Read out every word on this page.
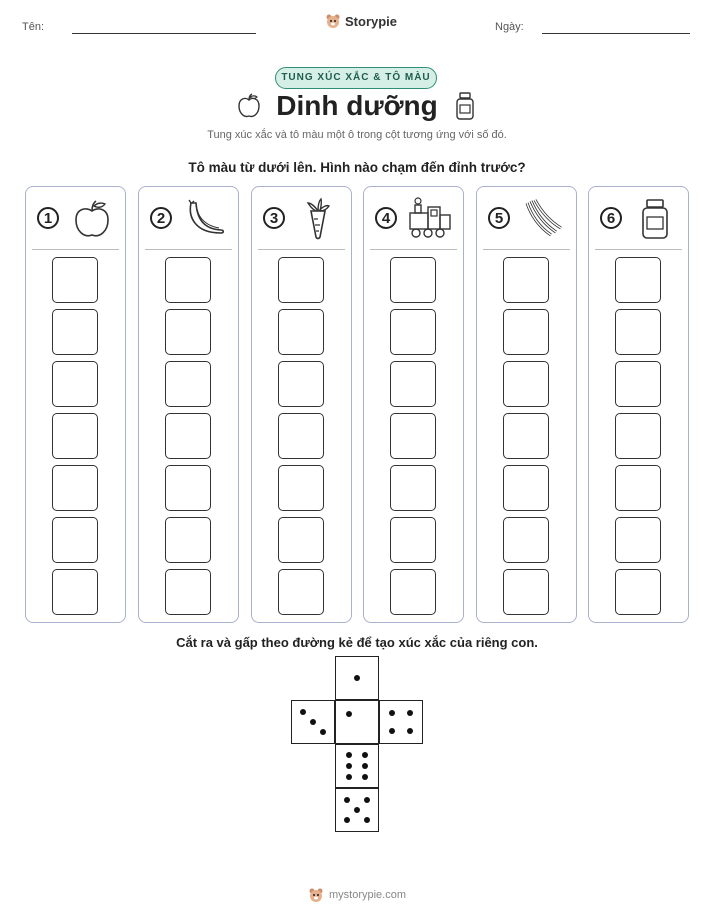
Tên:	Storypie	Ngày:
TUNG XÚC XẮC & TÔ MÀU
Dinh dưỡng
Tung xúc xắc và tô màu một ô trong cột tương ứng với số đó.
Tô màu từ dưới lên. Hình nào chạm đến đỉnh trước?
1	2	3	4	5	6
Cắt ra và gấp theo đường kẻ để tạo xúc xắc của riêng con.
mystorypie.com
